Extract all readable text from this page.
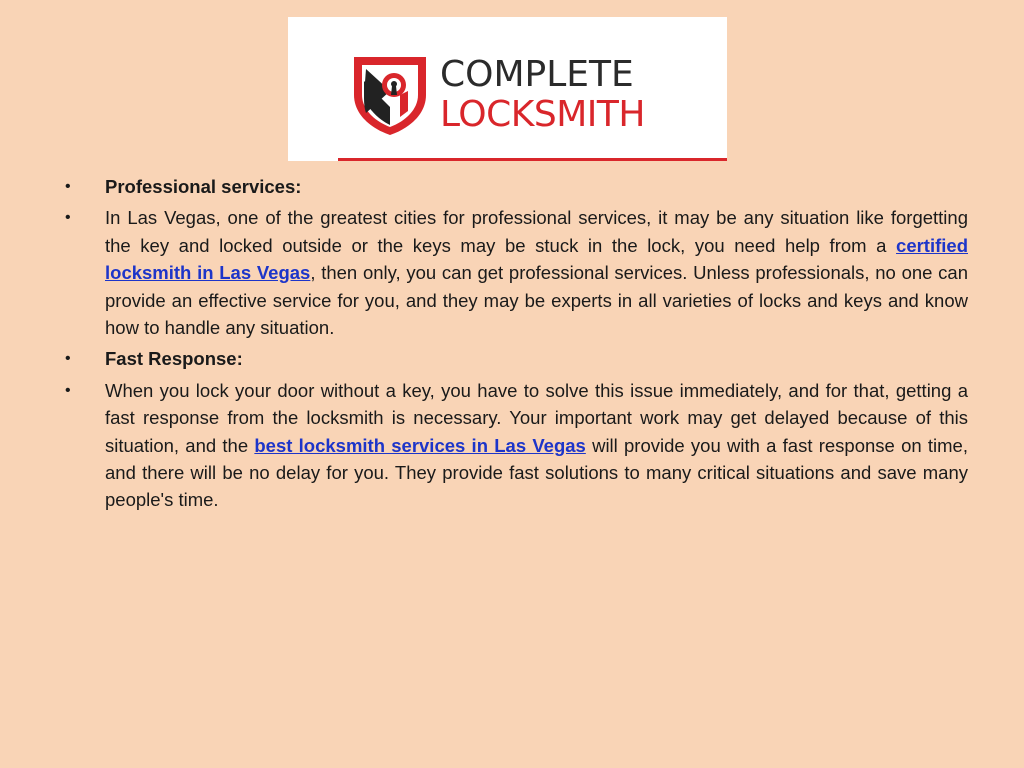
COMPLETE
LOCKSMITH
• Professional services:
• In Las Vegas, one of the greatest cities for professional services, it may be any situation like forgetting the key and locked outside or the keys may be stuck in the lock, you need help from a certified locksmith in Las Vegas, then only, you can get professional services. Unless professionals, no one can provide an effective service for you, and they may be experts in all varieties of locks and keys and know how to handle any situation.
• Fast Response:
• When you lock your door without a key, you have to solve this issue immediately, and for that, getting a fast response from the locksmith is necessary. Your important work may get delayed because of this situation, and the best locksmith services in Las Vegas will provide you with a fast response on time, and there will be no delay for you. They provide fast solutions to many critical situations and save many people's time.
